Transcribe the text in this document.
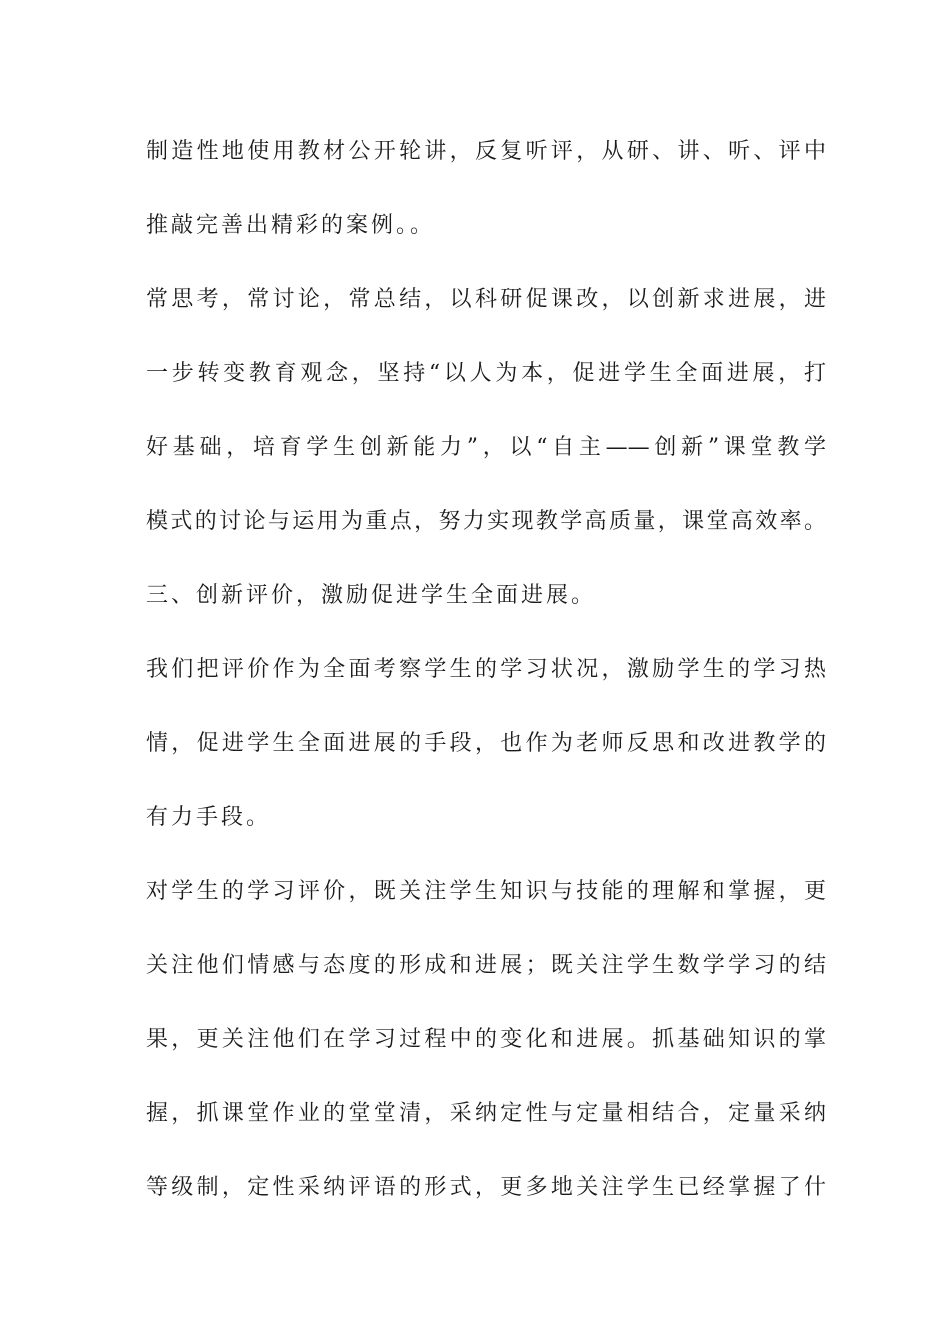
制造性地使用教材公开轮讲，反复听评，从研、讲、听、评中
推敲完善出精彩的案例。。
常思考，常讨论，常总结，以科研促课改，以创新求进展，进
一步转变教育观念，坚持“以人为本，促进学生全面进展，打
好基础，培育学生创新能力”，以“自主——创新”课堂教学
模式的讨论与运用为重点，努力实现教学高质量，课堂高效率。
三、创新评价，激励促进学生全面进展。
我们把评价作为全面考察学生的学习状况，激励学生的学习热
情，促进学生全面进展的手段，也作为老师反思和改进教学的
有力手段。
对学生的学习评价，既关注学生知识与技能的理解和掌握，更
关注他们情感与态度的形成和进展；既关注学生数学学习的结
果，更关注他们在学习过程中的变化和进展。抓基础知识的掌
握，抓课堂作业的堂堂清，采纳定性与定量相结合，定量采纳
等级制，定性采纳评语的形式，更多地关注学生已经掌握了什
